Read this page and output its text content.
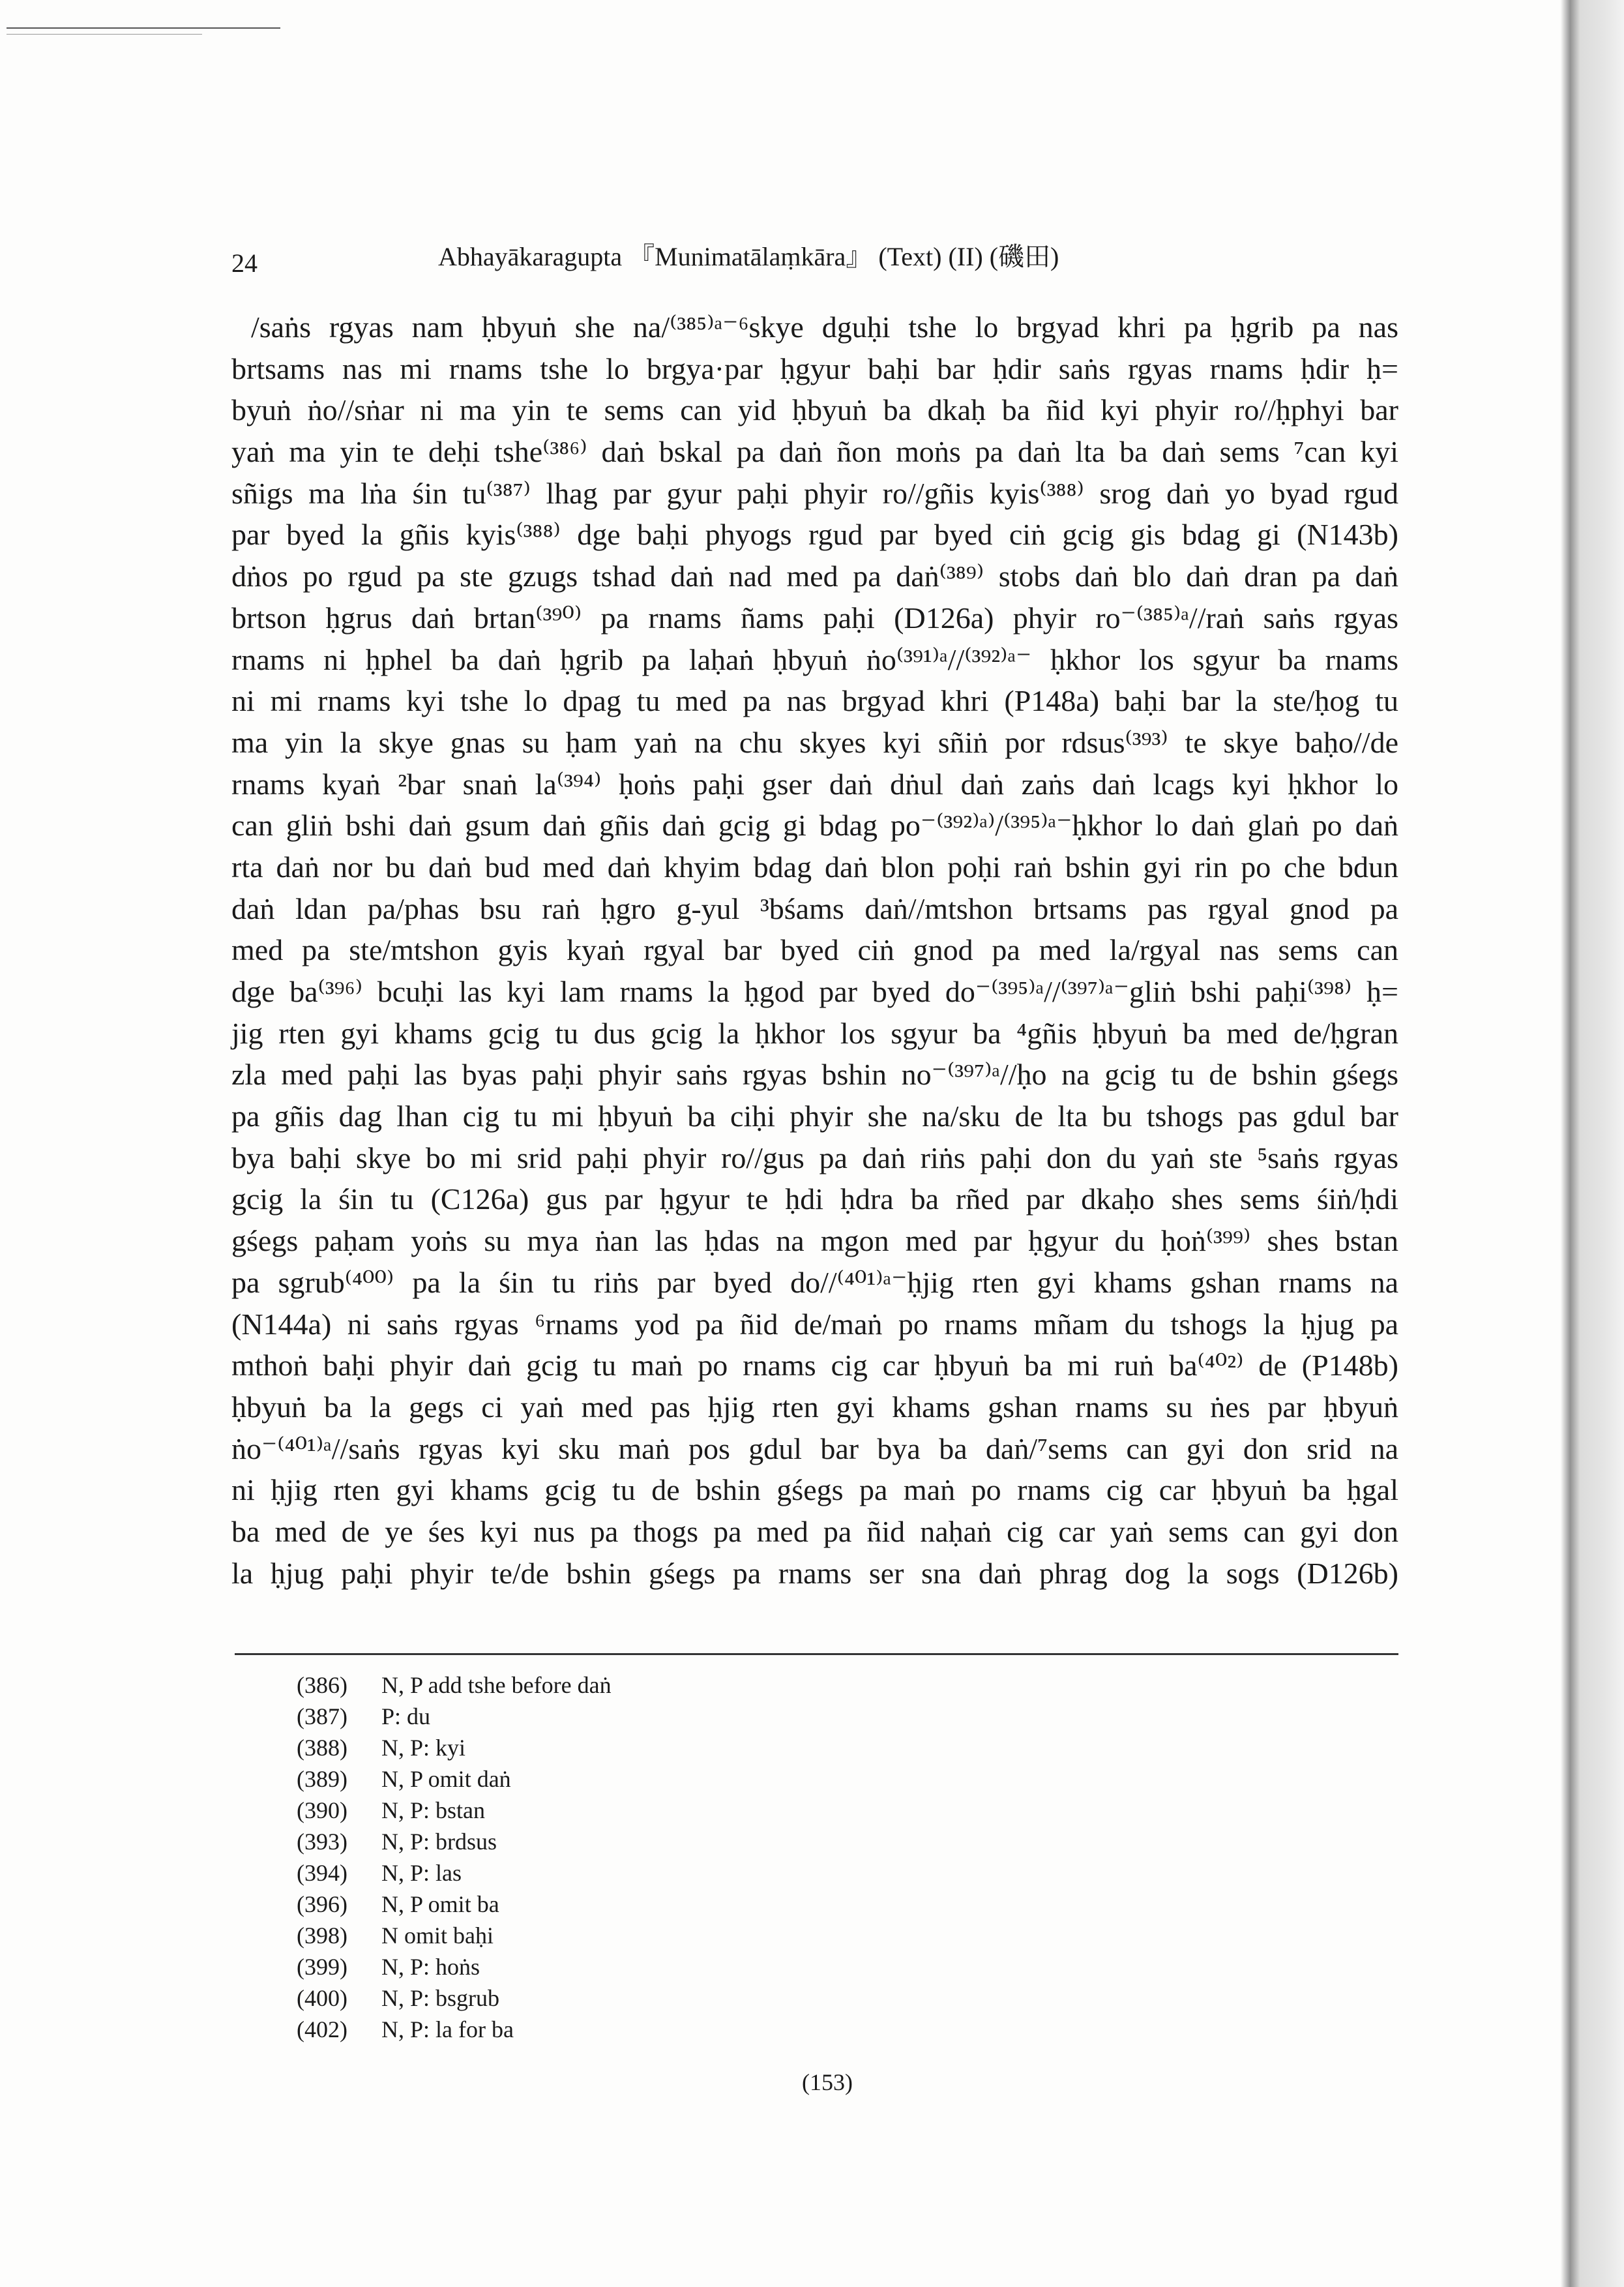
24	Abhayākaragupta 『Munimatālaṃkāra』 (Text) (II) (磯田)
/saṅs rgyas nam ḥbyuṅ she na/⁽³⁸⁵⁾ᵃ⁻⁶skye dguḥi tshe lo brgyad khri pa ḥgrib pa nas
brtsams nas mi rnams tshe lo brgya·par ḥgyur baḥi bar ḥdir saṅs rgyas rnams ḥdir ḥ=
byuṅ ṅo//sṅar ni ma yin te sems can yid ḥbyuṅ ba dkaḥ ba ñid kyi phyir ro//ḥphyi bar
yaṅ ma yin te deḥi tshe⁽³⁸⁶⁾ daṅ bskal pa daṅ ñon moṅs pa daṅ lta ba daṅ sems ⁷can kyi
sñigs ma lṅa śin tu⁽³⁸⁷⁾ lhag par gyur paḥi phyir ro//gñis kyis⁽³⁸⁸⁾ srog daṅ yo byad rgud
par byed la gñis kyis⁽³⁸⁸⁾ dge baḥi phyogs rgud par byed ciṅ gcig gis bdag gi (N143b)
dṅos po rgud pa ste gzugs tshad daṅ nad med pa daṅ⁽³⁸⁹⁾ stobs daṅ blo daṅ dran pa daṅ
brtson ḥgrus daṅ brtan⁽³⁹⁰⁾ pa rnams ñams paḥi (D126a) phyir ro⁻⁽³⁸⁵⁾ᵃ//raṅ saṅs rgyas
rnams ni ḥphel ba daṅ ḥgrib pa laḥaṅ ḥbyuṅ ṅo⁽³⁹¹⁾ᵃ//⁽³⁹²⁾ᵃ⁻ ḥkhor los sgyur ba rnams
ni mi rnams kyi tshe lo dpag tu med pa nas brgyad khri (P148a) baḥi bar la ste/ḥog tu
ma yin la skye gnas su ḥam yaṅ na chu skyes kyi sñiṅ por rdsus⁽³⁹³⁾ te skye baḥo//de
rnams kyaṅ ²bar snaṅ la⁽³⁹⁴⁾ ḥoṅs paḥi gser daṅ dṅul daṅ zaṅs daṅ lcags kyi ḥkhor lo
can gliṅ bshi daṅ gsum daṅ gñis daṅ gcig gi bdag po⁻⁽³⁹²⁾ᵃ⁾/⁽³⁹⁵⁾ᵃ⁻ḥkhor lo daṅ glaṅ po daṅ
rta daṅ nor bu daṅ bud med daṅ khyim bdag daṅ blon poḥi raṅ bshin gyi rin po che bdun
daṅ ldan pa/phas bsu raṅ ḥgro g-yul ³bśams daṅ//mtshon brtsams pas rgyal gnod pa
med pa ste/mtshon gyis kyaṅ rgyal bar byed ciṅ gnod pa med la/rgyal nas sems can
dge ba⁽³⁹⁶⁾ bcuḥi las kyi lam rnams la ḥgod par byed do⁻⁽³⁹⁵⁾ᵃ//⁽³⁹⁷⁾ᵃ⁻gliṅ bshi paḥi⁽³⁹⁸⁾ ḥ=
jig rten gyi khams gcig tu dus gcig la ḥkhor los sgyur ba ⁴gñis ḥbyuṅ ba med de/ḥgran
zla med paḥi las byas paḥi phyir saṅs rgyas bshin no⁻⁽³⁹⁷⁾ᵃ//ḥo na gcig tu de bshin gśegs
pa gñis dag lhan cig tu mi ḥbyuṅ ba ciḥi phyir she na/sku de lta bu tshogs pas gdul bar
bya baḥi skye bo mi srid paḥi phyir ro//gus pa daṅ riṅs paḥi don du yaṅ ste ⁵saṅs rgyas
gcig la śin tu (C126a) gus par ḥgyur te ḥdi ḥdra ba rñed par dkaḥo shes sems śiṅ/ḥdi
gśegs paḥam yoṅs su mya ṅan las ḥdas na mgon med par ḥgyur du ḥoṅ⁽³⁹⁹⁾ shes bstan
pa sgrub⁽⁴⁰⁰⁾ pa la śin tu riṅs par byed do//⁽⁴⁰¹⁾ᵃ⁻ḥjig rten gyi khams gshan rnams na
(N144a) ni saṅs rgyas ⁶rnams yod pa ñid de/maṅ po rnams mñam du tshogs la ḥjug pa
mthoṅ baḥi phyir daṅ gcig tu maṅ po rnams cig car ḥbyuṅ ba mi ruṅ ba⁽⁴⁰²⁾ de (P148b)
ḥbyuṅ ba la gegs ci yaṅ med pas ḥjig rten gyi khams gshan rnams su ṅes par ḥbyuṅ
ṅo⁻⁽⁴⁰¹⁾ᵃ//saṅs rgyas kyi sku maṅ pos gdul bar bya ba daṅ/⁷sems can gyi don srid na
ni ḥjig rten gyi khams gcig tu de bshin gśegs pa maṅ po rnams cig car ḥbyuṅ ba ḥgal
ba med de ye śes kyi nus pa thogs pa med pa ñid naḥaṅ cig car yaṅ sems can gyi don
la ḥjug paḥi phyir te/de bshin gśegs pa rnams ser sna daṅ phrag dog la sogs (D126b)
(386) N, P add tshe before daṅ
(387) P: du
(388) N, P: kyi
(389) N, P omit daṅ
(390) N, P: bstan
(393) N, P: brdsus
(394) N, P: las
(396) N, P omit ba
(398) N omit baḥi
(399) N, P: hoṅs
(400) N, P: bsgrub
(402) N, P: la for ba
(153)
